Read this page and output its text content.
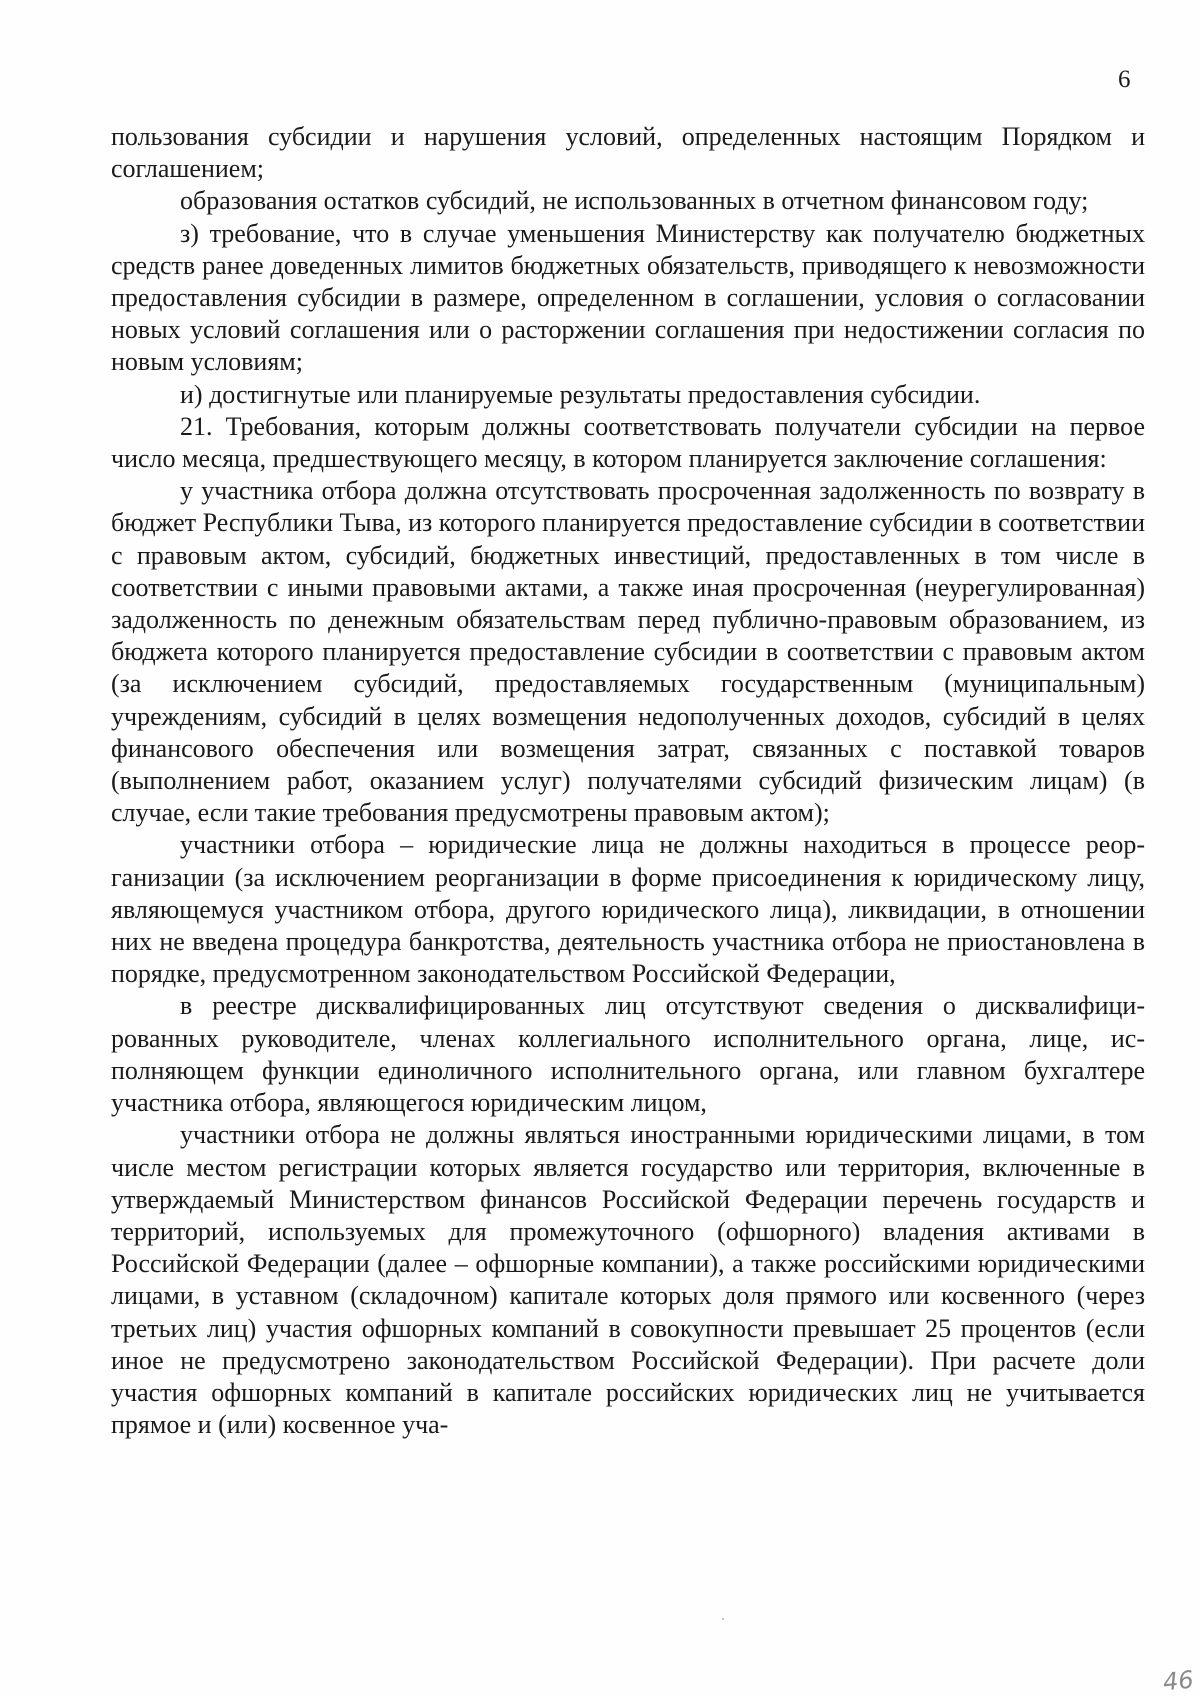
6

пользования субсидии и нарушения условий, определенных настоящим Порядком и соглашением;

образования остатков субсидий, не использованных в отчетном финансовом году;

з) требование, что в случае уменьшения Министерству как получателю бюджетных средств ранее доведенных лимитов бюджетных обязательств, приводящего к невозможности предоставления субсидии в размере, определенном в соглашении, условия о согласовании новых условий соглашения или о расторжении соглашения при недостижении согласия по новым условиям;

и) достигнутые или планируемые результаты предоставления субсидии.

21. Требования, которым должны соответствовать получатели субсидии на первое число месяца, предшествующего месяцу, в котором планируется заключение соглашения:

у участника отбора должна отсутствовать просроченная задолженность по возврату в бюджет Республики Тыва, из которого планируется предоставление субсидии в соответствии с правовым актом, субсидий, бюджетных инвестиций, предоставленных в том числе в соответствии с иными правовыми актами, а также иная просроченная (неурегулированная) задолженность по денежным обязательствам перед публично-правовым образованием, из бюджета которого планируется предоставление субсидии в соответствии с правовым актом (за исключением субсидий, предоставляемых государственным (муниципальным) учреждениям, субсидий в целях возмещения недополученных доходов, субсидий в целях финансового обеспечения или возмещения затрат, связанных с поставкой товаров (выполнением работ, оказанием услуг) получателями субсидий физическим лицам) (в случае, если такие требования предусмотрены правовым актом);

участники отбора – юридические лица не должны находиться в процессе реорганизации (за исключением реорганизации в форме присоединения к юридическому лицу, являющемуся участником отбора, другого юридического лица), ликвидации, в отношении них не введена процедура банкротства, деятельность участника отбора не приостановлена в порядке, предусмотренном законодательством Российской Федерации,

в реестре дисквалифицированных лиц отсутствуют сведения о дисквалифицированных руководителе, членах коллегиального исполнительного органа, лице, исполняющем функции единоличного исполнительного органа, или главном бухгалтере участника отбора, являющегося юридическим лицом,

участники отбора не должны являться иностранными юридическими лицами, в том числе местом регистрации которых является государство или территория, включенные в утверждаемый Министерством финансов Российской Федерации перечень государств и территорий, используемых для промежуточного (офшорного) владения активами в Российской Федерации (далее – офшорные компании), а также российскими юридическими лицами, в уставном (складочном) капитале которых доля прямого или косвенного (через третьих лиц) участия офшорных компаний в совокупности превышает 25 процентов (если иное не предусмотрено законодательством Российской Федерации). При расчете доли участия офшорных компаний в капитале российских юридических лиц не учитывается прямое и (или) косвенное уча-

46
